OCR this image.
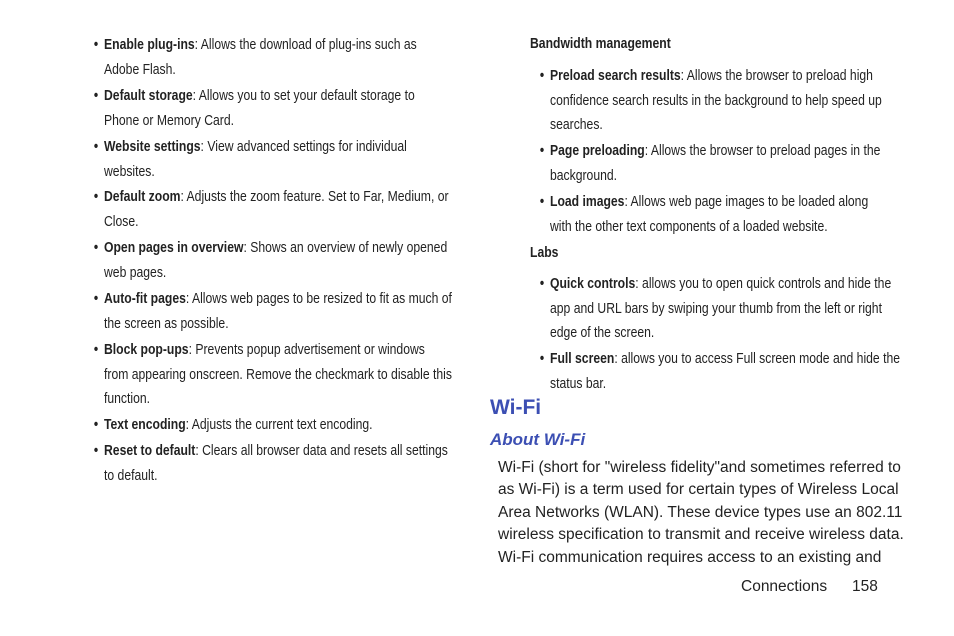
• Enable plug-ins: Allows the download of plug-ins such as Adobe Flash.
• Default storage: Allows you to set your default storage to Phone or Memory Card.
• Website settings: View advanced settings for individual websites.
• Default zoom: Adjusts the zoom feature. Set to Far, Medium, or Close.
• Open pages in overview: Shows an overview of newly opened web pages.
• Auto-fit pages: Allows web pages to be resized to fit as much of the screen as possible.
• Block pop-ups: Prevents popup advertisement or windows from appearing onscreen. Remove the checkmark to disable this function.
• Text encoding: Adjusts the current text encoding.
• Reset to default: Clears all browser data and resets all settings to default.
Bandwidth management
• Preload search results: Allows the browser to preload high confidence search results in the background to help speed up searches.
• Page preloading: Allows the browser to preload pages in the background.
• Load images: Allows web page images to be loaded along with the other text components of a loaded website.
Labs
• Quick controls: allows you to open quick controls and hide the app and URL bars by swiping your thumb from the left or right edge of the screen.
• Full screen: allows you to access Full screen mode and hide the status bar.
Wi-Fi
About Wi-Fi
Wi-Fi (short for "wireless fidelity"and sometimes referred to
as Wi-Fi) is a term used for certain types of Wireless Local
Area Networks (WLAN). These device types use an 802.11
wireless specification to transmit and receive wireless data.
Wi-Fi communication requires access to an existing and
Connections 158
